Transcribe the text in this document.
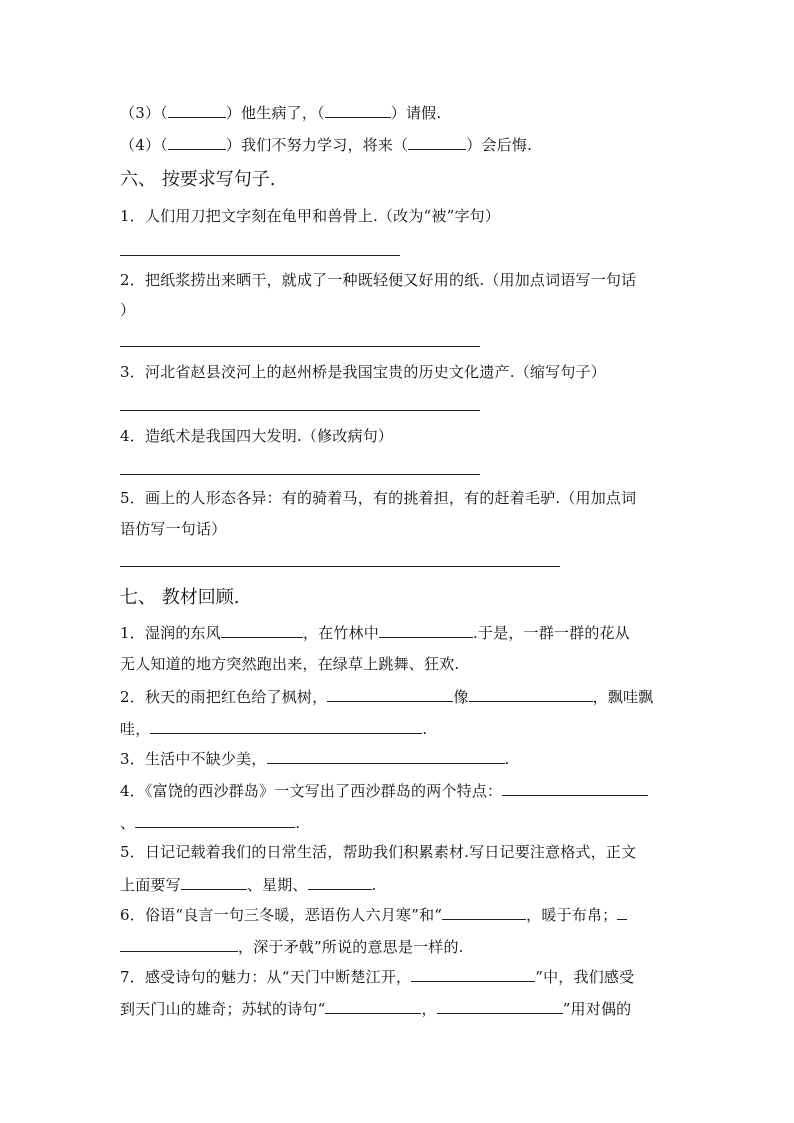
（3）（	）他生病了，（	）请假.
（4）（	）我们不努力学习，将来（	）会后悔.
六、 按要求写句子.
1．人们用刀把文字刻在龟甲和兽骨上.（改为“被”字句）
2．把纸浆捞出来晒干，就成了一种既轻便又好用的纸.（用加点词语写一句话
）
3．河北省赵县洨河上的赵州桥是我国宝贵的历史文化遗产.（缩写句子）
4．造纸术是我国四大发明.（修改病句）
5．画上的人形态各异：有的骑着马，有的挑着担，有的赶着毛驴.（用加点词
语仿写一句话）
七、 教材回顾.
1．湿润的东风	，在竹林中	.于是，一群一群的花从
无人知道的地方突然跑出来，在绿草上跳舞、狂欢.
2．秋天的雨把红色给了枫树，	像	，飘哇飘
哇，	.
3．生活中不缺少美，	.
4．《富饶的西沙群岛》一文写出了西沙群岛的两个特点：
、	.
5．日记记载着我们的日常生活，帮助我们积累素材.写日记要注意格式，正文
上面要写	、星期、	.
6．俗语“良言一句三冬暖，恶语伤人六月寒”和“	，暖于布帛；
，深于矛戟”所说的意思是一样的.
7．感受诗句的魅力：从“天门中断楚江开，	”中，我们感受
到天门山的雄奇；苏轼的诗句“	，	”用对偶的
